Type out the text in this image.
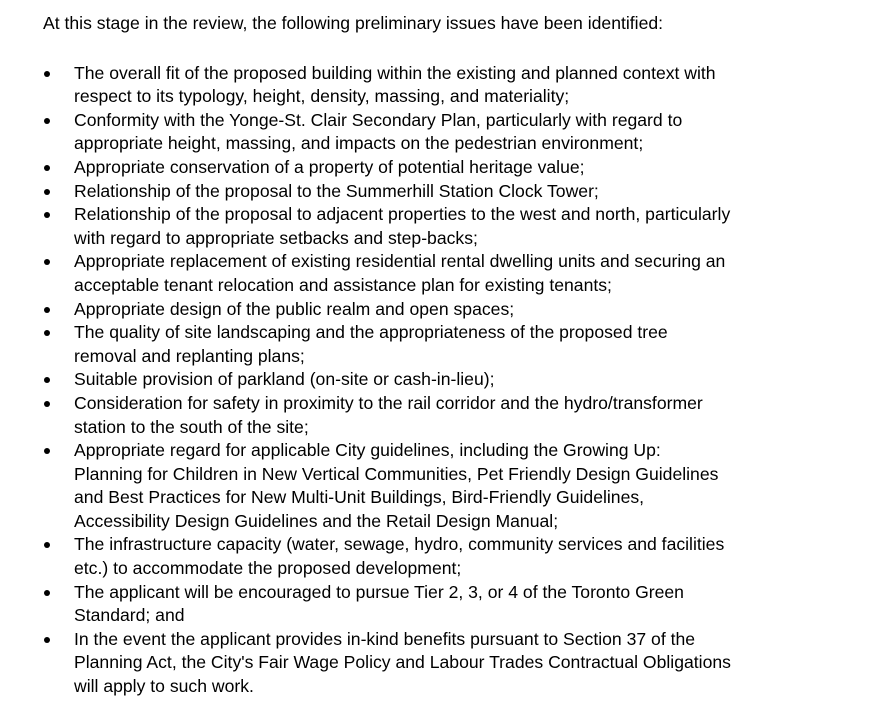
At this stage in the review, the following preliminary issues have been identified:

The overall fit of the proposed building within the existing and planned context with
respect to its typology, height, density, massing, and materiality;
Conformity with the Yonge-St. Clair Secondary Plan, particularly with regard to
appropriate height, massing, and impacts on the pedestrian environment;
Appropriate conservation of a property of potential heritage value;
Relationship of the proposal to the Summerhill Station Clock Tower;
Relationship of the proposal to adjacent properties to the west and north, particularly
with regard to appropriate setbacks and step-backs;
Appropriate replacement of existing residential rental dwelling units and securing an
acceptable tenant relocation and assistance plan for existing tenants;
Appropriate design of the public realm and open spaces;
The quality of site landscaping and the appropriateness of the proposed tree
removal and replanting plans;
Suitable provision of parkland (on-site or cash-in-lieu);
Consideration for safety in proximity to the rail corridor and the hydro/transformer
station to the south of the site;
Appropriate regard for applicable City guidelines, including the Growing Up:
Planning for Children in New Vertical Communities, Pet Friendly Design Guidelines
and Best Practices for New Multi-Unit Buildings, Bird-Friendly Guidelines,
Accessibility Design Guidelines and the Retail Design Manual;
The infrastructure capacity (water, sewage, hydro, community services and facilities
etc.) to accommodate the proposed development;
The applicant will be encouraged to pursue Tier 2, 3, or 4 of the Toronto Green
Standard; and
In the event the applicant provides in-kind benefits pursuant to Section 37 of the
Planning Act, the City's Fair Wage Policy and Labour Trades Contractual Obligations
will apply to such work.
